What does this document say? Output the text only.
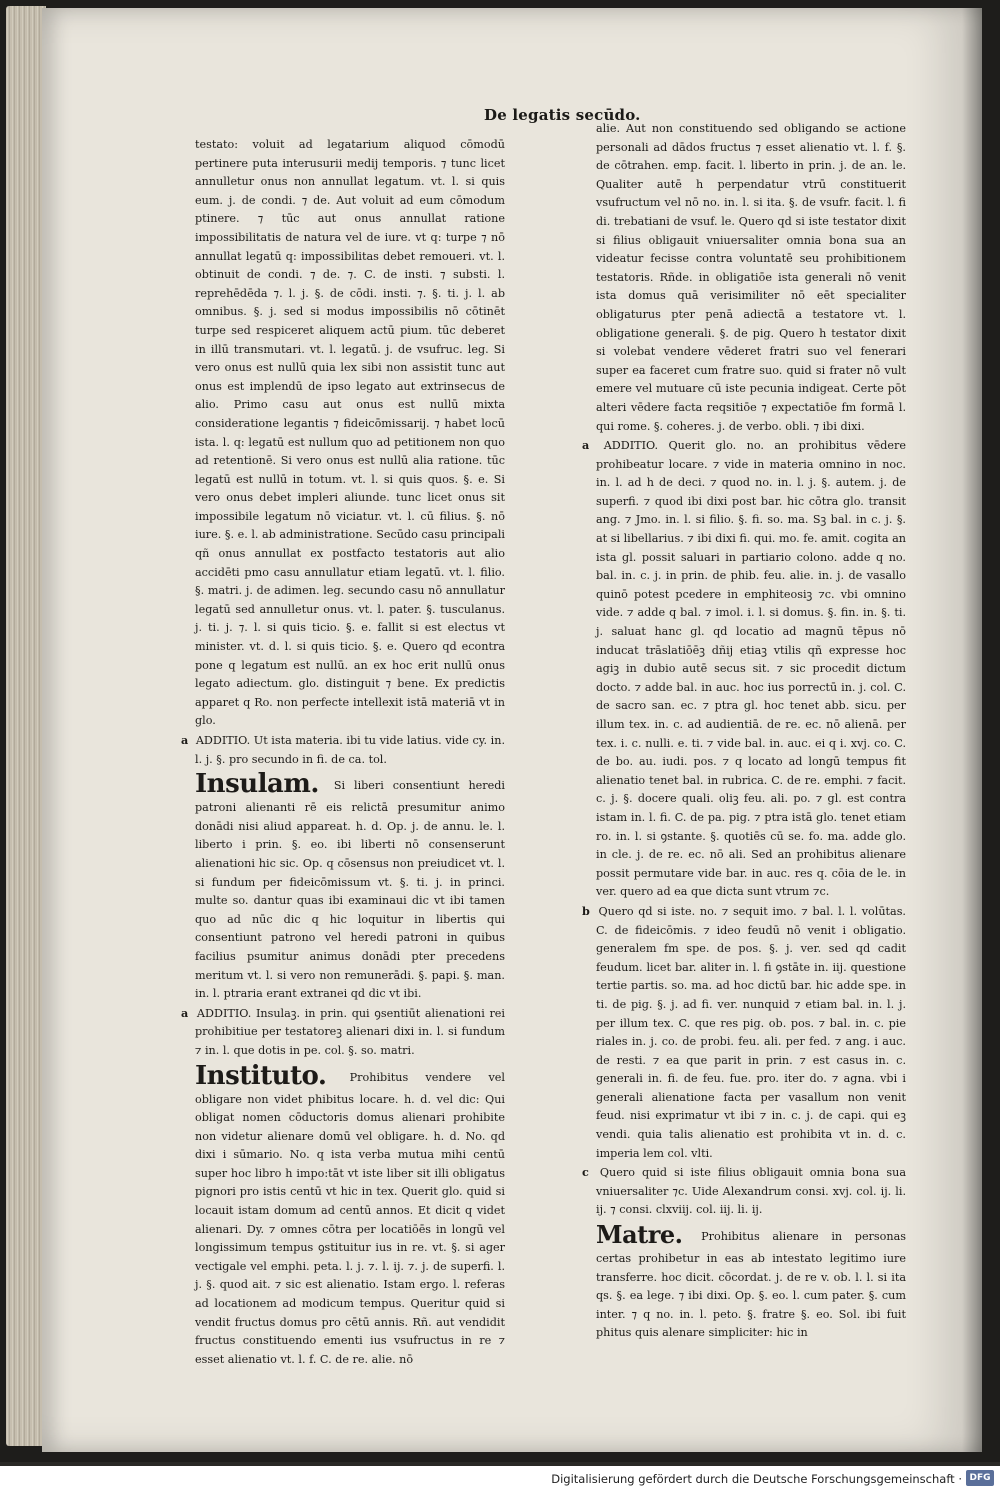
De legatis secūdo.

testato: voluit ad legatarium aliquod cōmodū pertinere puta interusurii medij temporis. ⁊ tunc licet annulletur onus non annullat legatum. vt. l. si quis eum. j. de condi. ⁊ de. Aut voluit ad eum cōmodum ptinere. ⁊ tūc aut onus annullat ratione impossibilitatis de natura vel de iure. vt q: turpe ⁊ nō annullat legatū q: impossibilitas debet remoueri. vt. l. obtinuit de condi. ⁊ de. ⁊. C. de insti. ⁊ substi. l. reprehēdēda ⁊. l. j. §. de cōdi. insti. ⁊. §. ti. j. l. ab omnibus. §. j. sed si modus impossibilis nō cōtinēt turpe sed respiceret aliquem actū pium. tūc deberet in illū transmutari. vt. l. legatū. j. de vsufruc. leg. Si vero onus est nullū quia lex sibi non assistit tunc aut onus est implendū de ipso legato aut extrinsecus de alio. Primo casu aut onus est nullū mixta consideratione legantis ⁊ fideicōmissarij. ⁊ habet locū ista. l. q: legatū est nullum quo ad petitionem non quo ad retentionē. Si vero onus est nullū alia ratione. tūc legatū est nullū in totum. vt. l. si quis quos. §. e. Si vero onus debet impleri aliunde. tunc licet onus sit impossibile legatum nō viciatur. vt. l. cū filius. §. nō iure. §. e. l. ab administratione. Secūdo casu principali qñ onus annullat ex postfacto testatoris aut alio accidēti pmo casu annullatur etiam legatū. vt. l. filio. §. matri. j. de adimen. leg. secundo casu nō annullatur legatū sed annulletur onus. vt. l. pater. §. tusculanus. j. ti. j. ⁊. l. si quis ticio. §. e. fallit si est electus vt minister. vt. d. l. si quis ticio. §. e. Quero qd econtra pone q legatum est nullū. an ex hoc erit nullū onus legato adiectum. glo. distinguit ⁊ bene. Ex predictis apparet q Ro. non perfecte intellexit istā materiā vt in glo.

a ADDITIO. Ut ista materia. ibi tu vide latius. vide cy. in. l. j. §. pro secundo in fi. de ca. tol.

Insulam. Si liberi consentiunt heredi patroni alienanti rē eis relictā presumitur animo donādi nisi aliud appareat. h. d. Op. j. de annu. le. l. liberto i prin. §. eo. ibi liberti nō consenserunt alienationi hic sic. Op. q cōsensus non preiudicet vt. l. si fundum per fideicōmissum vt. §. ti. j. in princi. multe so. dantur quas ibi examinaui dic vt ibi tamen quo ad nūc dic q hic loquitur in libertis qui consentiunt patrono vel heredi patroni in quibus facilius psumitur animus donādi pter precedens meritum vt. l. si vero non remunerādi. §. papi. §. man. in. l. ptraria erant extranei qd dic vt ibi.

a ADDITIO. Insulaꝫ. in prin. qui ꝯsentiūt alienationi rei prohibitiue per testatoreꝫ alienari dixi in. l. si fundum ⁊ in. l. que dotis in pe. col. §. so. matri.

Instituto. Prohibitus vendere vel obligare non videt phibitus locare. h. d. vel dic: Qui obligat nomen cōductoris domus alienari prohibite non videtur alienare domū vel obligare. h. d. No. qd dixi i sūmario. No. q ista verba mutua mihi centū super hoc libro h impo:tāt vt iste liber sit illi obligatus pignori pro istis centū vt hic in tex. Querit glo. quid si locauit istam domum ad centū annos. Et dicit q videt alienari. Dy. ⁊ omnes cōtra per locatiōēs in longū vel longissimum tempus ꝯstituitur ius in re. vt. §. si ager vectigale vel emphi. peta. l. j. ⁊. l. ij. ⁊. j. de superfi. l. j. §. quod ait. ⁊ sic est alienatio. Istam ergo. l. referas ad locationem ad modicum tempus. Queritur quid si vendit fructus domus pro cētū annis. Rñ. aut vendidit fructus constituendo ementi ius vsufructus in re ⁊ esset alienatio vt. l. f. C. de re. alie. nō

alie. Aut non constituendo sed obligando se actione personali ad dādos fructus ⁊ esset alienatio vt. l. f. §. de cōtrahen. emp. facit. l. liberto in prin. j. de an. le. Qualiter autē h perpendatur vtrū constituerit vsufructum vel nō no. in. l. si ita. §. de vsufr. facit. l. fi di. trebatiani de vsuf. le. Quero qd si iste testator dixit si filius obligauit vniuersaliter omnia bona sua an videatur fecisse contra voluntatē seu prohibitionem testatoris. Rñde. in obligatiōe ista generali nō venit ista domus quā verisimiliter nō eēt specialiter obligaturus pter penā adiectā a testatore vt. l. obligatione generali. §. de pig. Quero h testator dixit si volebat vendere vēderet fratri suo vel fenerari super ea faceret cum fratre suo. quid si frater nō vult emere vel mutuare cū iste pecunia indigeat. Certe pōt alteri vēdere facta reqsitiōe ⁊ expectatiōe fm formā l. qui rome. §. coheres. j. de verbo. obli. ⁊ ibi dixi.

a ADDITIO. Querit glo. no. an prohibitus vēdere prohibeatur locare. ⁊ vide in materia omnino in noc. in. l. ad h de deci. ⁊ quod no. in. l. j. §. autem. j. de superfi. ⁊ quod ibi dixi post bar. hic cōtra glo. transit ang. ⁊ Jmo. in. l. si filio. §. fi. so. ma. Sꝫ bal. in c. j. §. at si libellarius. ⁊ ibi dixi fi. qui. mo. fe. amit. cogita an ista gl. possit saluari in partiario colono. adde q no. bal. in. c. j. in prin. de phib. feu. alie. in. j. de vasallo quinō potest pcedere in emphiteosiꝫ ⁊c. vbi omnino vide. ⁊ adde q bal. ⁊ imol. i. l. si domus. §. fin. in. §. ti. j. saluat hanc gl. qd locatio ad magnū tēpus nō inducat trāslatiōēꝫ dñij etiaꝫ vtilis qñ expresse hoc agiꝫ in dubio autē secus sit. ⁊ sic procedit dictum docto. ⁊ adde bal. in auc. hoc ius porrectū in. j. col. C. de sacro san. ec. ⁊ ptra gl. hoc tenet abb. sicu. per illum tex. in. c. ad audientiā. de re. ec. nō alienā. per tex. i. c. nulli. e. ti. ⁊ vide bal. in. auc. ei q i. xvj. co. C. de bo. au. iudi. pos. ⁊ q locato ad longū tempus fit alienatio tenet bal. in rubrica. C. de re. emphi. ⁊ facit. c. j. §. docere quali. oliꝫ feu. ali. po. ⁊ gl. est contra istam in. l. fi. C. de pa. pig. ⁊ ptra istā glo. tenet etiam ro. in. l. si ꝯstante. §. quotiēs cū se. fo. ma. adde glo. in cle. j. de re. ec. nō ali. Sed an prohibitus alienare possit permutare vide bar. in auc. res q. cōia de le. in ver. quero ad ea que dicta sunt vtrum ⁊c.

b Quero qd si iste. no. ⁊ sequit imo. ⁊ bal. l. l. volūtas. C. de fideicōmis. ⁊ ideo feudū nō venit i obligatio. generalem fm spe. de pos. §. j. ver. sed qd cadit feudum. licet bar. aliter in. l. fi ꝯstāte in. iij. questione tertie partis. so. ma. ad hoc dictū bar. hic adde spe. in ti. de pig. §. j. ad fi. ver. nunquid ⁊ etiam bal. in. l. j. per illum tex. C. que res pig. ob. pos. ⁊ bal. in. c. pie riales in. j. co. de probi. feu. ali. per fed. ⁊ ang. i auc. de resti. ⁊ ea que parit in prin. ⁊ est casus in. c. generali in. fi. de feu. fue. pro. iter do. ⁊ agna. vbi i generali alienatione facta per vasallum non venit feud. nisi exprimatur vt ibi ⁊ in. c. j. de capi. qui eꝫ vendi. quia talis alienatio est prohibita vt in. d. c. imperia lem col. vlti.

c Quero quid si iste filius obligauit omnia bona sua vniuersaliter ⁊c. Uide Alexandrum consi. xvj. col. ij. li. ij. ⁊ consi. clxviij. col. iij. li. ij.

Matre. Prohibitus alienare in personas certas prohibetur in eas ab intestato legitimo iure transferre. hoc dicit. cōcordat. j. de re v. ob. l. l. si ita qs. §. ea lege. ⁊ ibi dixi. Op. §. eo. l. cum pater. §. cum inter. ⁊ q no. in. l. peto. §. fratre §. eo. Sol. ibi fuit phitus quis alenare simpliciter: hic in

Digitalisierung gefördert durch die Deutsche Forschungsgemeinschaft · DFG
